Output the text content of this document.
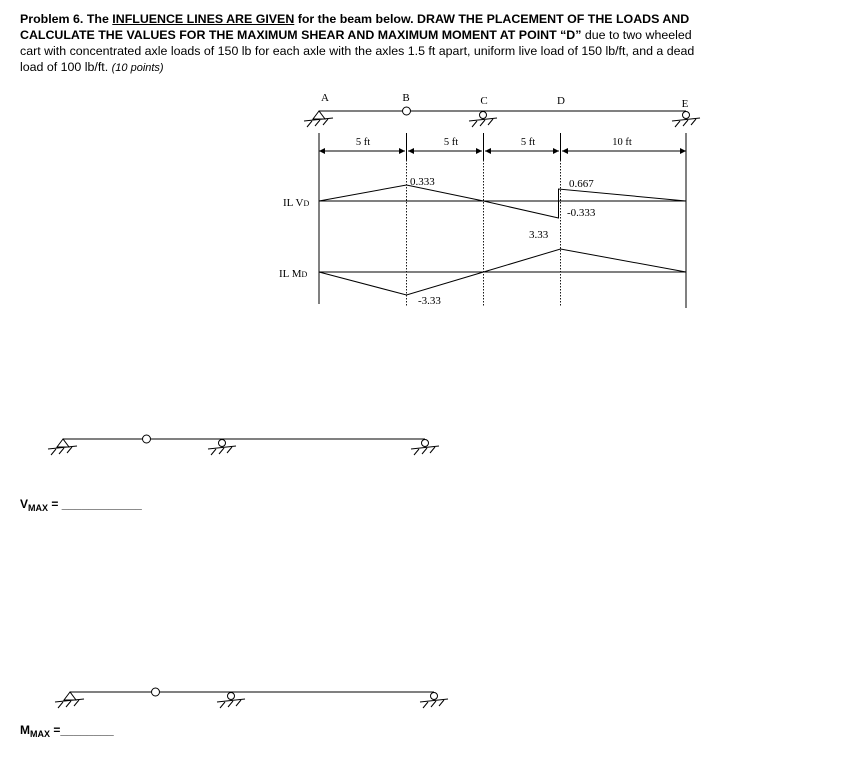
Problem 6. The INFLUENCE LINES ARE GIVEN for the beam below. DRAW THE PLACEMENT OF THE LOADS AND CALCULATE THE VALUES FOR THE MAXIMUM SHEAR AND MAXIMUM MOMENT AT POINT “D” due to two wheeled cart with concentrated axle loads of 150 lb for each axle with the axles 1.5 ft apart, uniform live load of 150 lb/ft, and a dead load of 100 lb/ft. (10 points)
A	B	C	D	E
5 ft	5 ft	5 ft	10 ft
IL VD
0.333	0.667
-0.333
IL MD
-3.33
3.33
$V_{MAX}$ = ____________
$M_{MAX}$ =________
